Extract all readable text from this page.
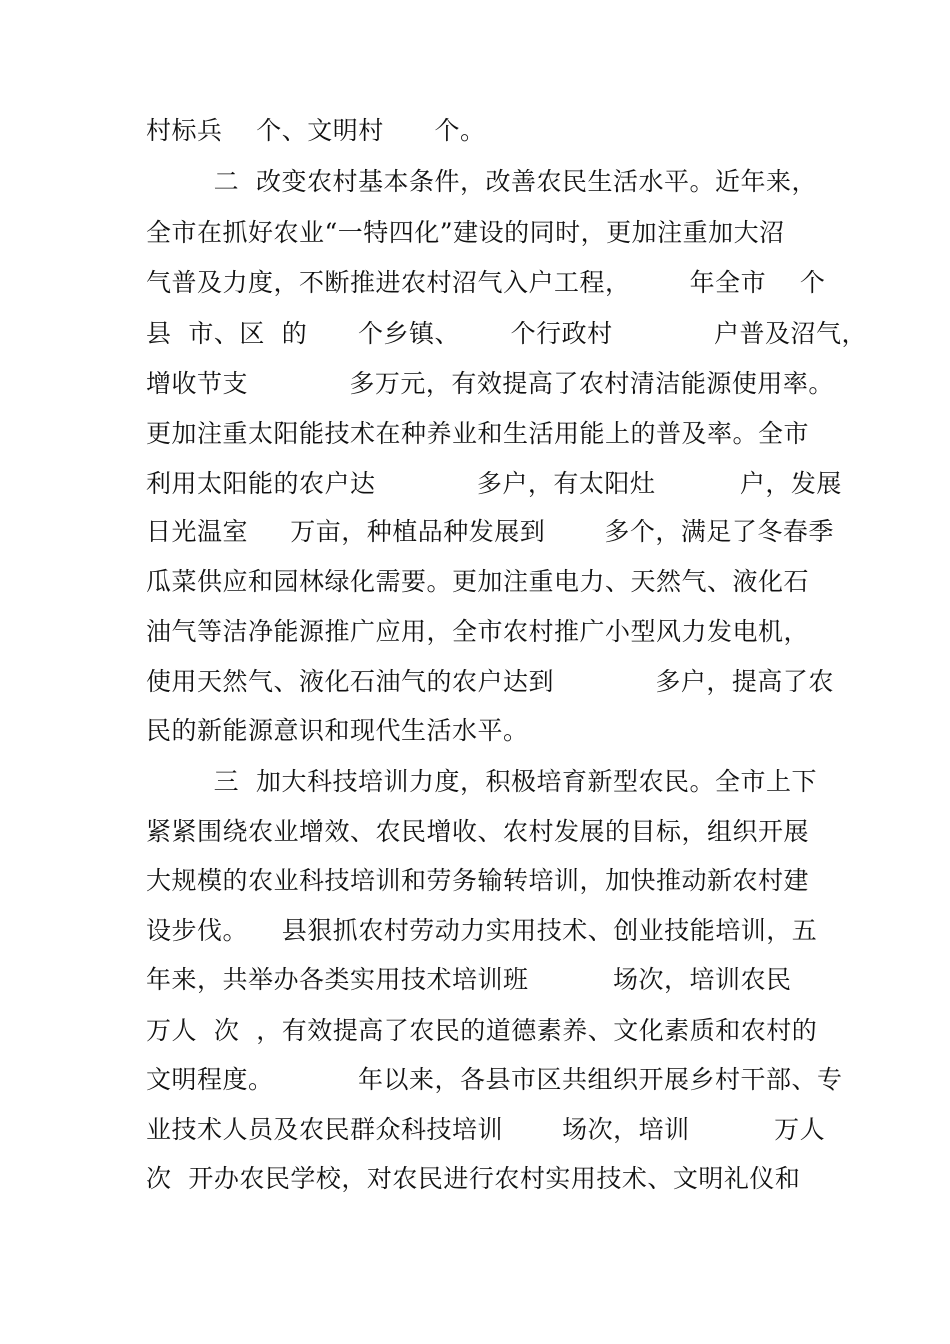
村标兵    个、文明村      个。
二  改变农村基本条件，改善农民生活水平。近年来，
全市在抓好农业“一特四化”建设的同时，更加注重加大沼
气普及力度，不断推进农村沼气入户工程，       年全市    个
县  市、区  的      个乡镇、      个行政村            户普及沼气，
增收节支            多万元，有效提高了农村清洁能源使用率。
更加注重太阳能技术在种养业和生活用能上的普及率。全市
利用太阳能的农户达            多户，有太阳灶          户，发展
日光温室     万亩，种植品种发展到       多个，满足了冬春季
瓜菜供应和园林绿化需要。更加注重电力、天然气、液化石
油气等洁净能源推广应用，全市农村推广小型风力发电机，
使用天然气、液化石油气的农户达到            多户，提高了农
民的新能源意识和现代生活水平。
三  加大科技培训力度，积极培育新型农民。全市上下
紧紧围绕农业增效、农民增收、农村发展的目标，组织开展
大规模的农业科技培训和劳务输转培训，加快推动新农村建
设步伐。    县狠抓农村劳动力实用技术、创业技能培训，五
年来，共举办各类实用技术培训班          场次，培训农民
万人  次  ，有效提高了农民的道德素养、文化素质和农村的
文明程度。          年以来，各县市区共组织开展乡村干部、专
业技术人员及农民群众科技培训       场次，培训          万人
次  开办农民学校，对农民进行农村实用技术、文明礼仪和
